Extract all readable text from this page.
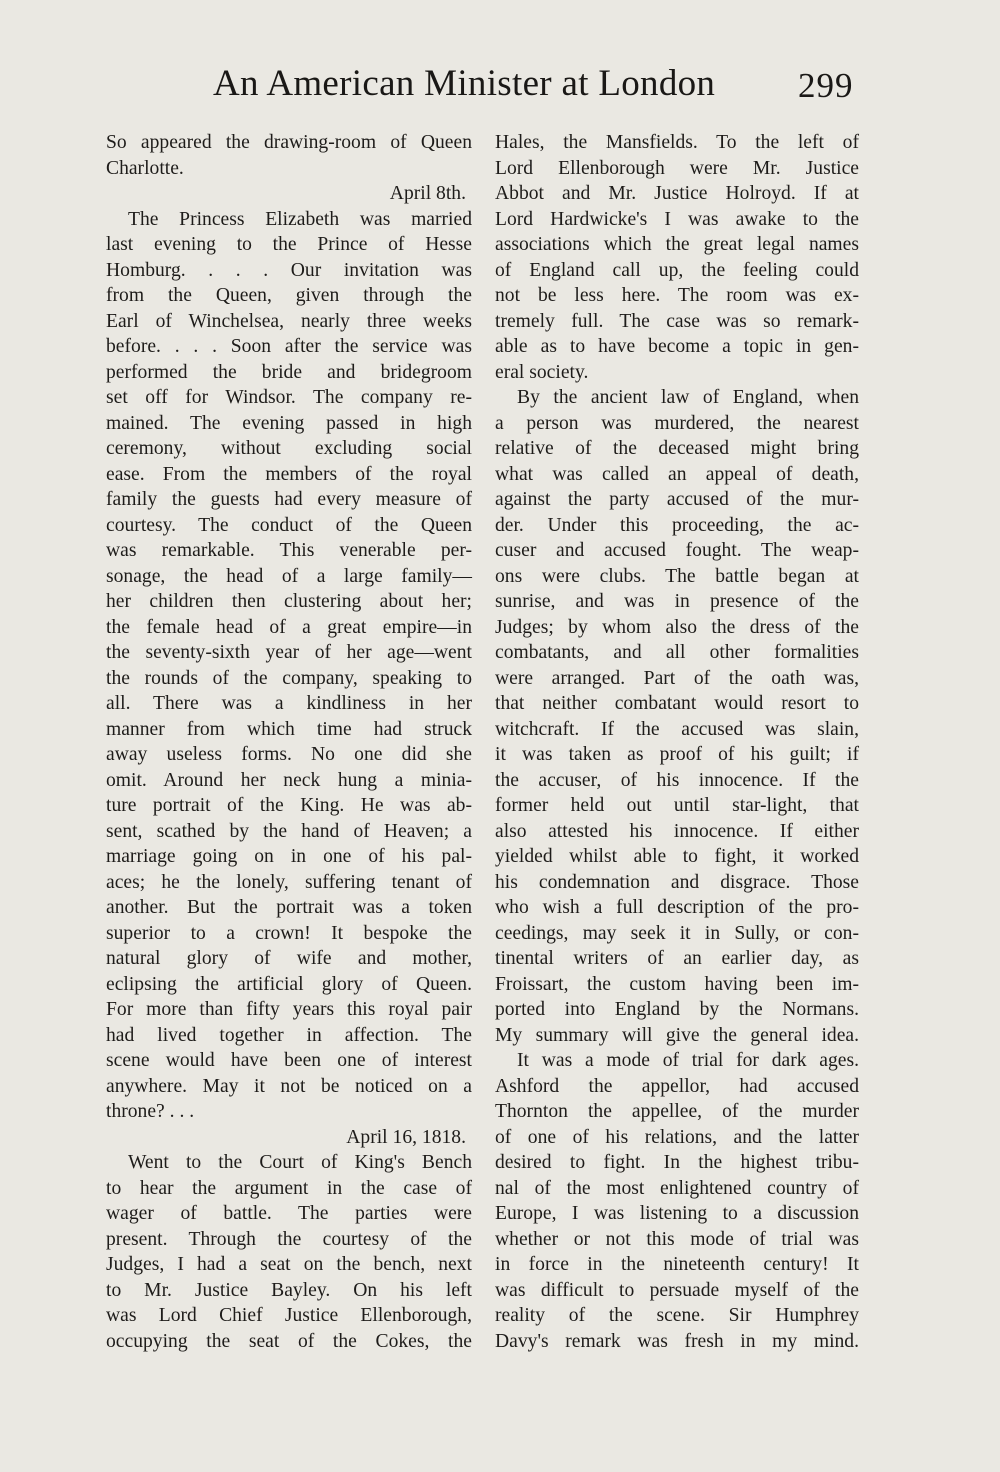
An American Minister at London 299
So appeared the drawing-room of Queen
Charlotte.
April 8th.
The Princess Elizabeth was married
last evening to the Prince of Hesse
Homburg. . . . Our invitation was
from the Queen, given through the
Earl of Winchelsea, nearly three weeks
before. . . . Soon after the service was
performed the bride and bridegroom
set off for Windsor. The company re-
mained. The evening passed in high
ceremony, without excluding social
ease. From the members of the royal
family the guests had every measure of
courtesy. The conduct of the Queen
was remarkable. This venerable per-
sonage, the head of a large family—
her children then clustering about her;
the female head of a great empire—in
the seventy-sixth year of her age—went
the rounds of the company, speaking to
all. There was a kindliness in her
manner from which time had struck
away useless forms. No one did she
omit. Around her neck hung a minia-
ture portrait of the King. He was ab-
sent, scathed by the hand of Heaven; a
marriage going on in one of his pal-
aces; he the lonely, suffering tenant of
another. But the portrait was a token
superior to a crown! It bespoke the
natural glory of wife and mother,
eclipsing the artificial glory of Queen.
For more than fifty years this royal pair
had lived together in affection. The
scene would have been one of interest
anywhere. May it not be noticed on a
throne? . . .
April 16, 1818.
Went to the Court of King's Bench
to hear the argument in the case of
wager of battle. The parties were
present. Through the courtesy of the
Judges, I had a seat on the bench, next
to Mr. Justice Bayley. On his left
was Lord Chief Justice Ellenborough,
occupying the seat of the Cokes, the
Hales, the Mansfields. To the left of
Lord Ellenborough were Mr. Justice
Abbot and Mr. Justice Holroyd. If at
Lord Hardwicke's I was awake to the
associations which the great legal names
of England call up, the feeling could
not be less here. The room was ex-
tremely full. The case was so remark-
able as to have become a topic in gen-
eral society.
By the ancient law of England, when
a person was murdered, the nearest
relative of the deceased might bring
what was called an appeal of death,
against the party accused of the mur-
der. Under this proceeding, the ac-
cuser and accused fought. The weap-
ons were clubs. The battle began at
sunrise, and was in presence of the
Judges; by whom also the dress of the
combatants, and all other formalities
were arranged. Part of the oath was,
that neither combatant would resort to
witchcraft. If the accused was slain,
it was taken as proof of his guilt; if
the accuser, of his innocence. If the
former held out until star-light, that
also attested his innocence. If either
yielded whilst able to fight, it worked
his condemnation and disgrace. Those
who wish a full description of the pro-
ceedings, may seek it in Sully, or con-
tinental writers of an earlier day, as
Froissart, the custom having been im-
ported into England by the Normans.
My summary will give the general idea.
It was a mode of trial for dark ages.
Ashford the appellor, had accused
Thornton the appellee, of the murder
of one of his relations, and the latter
desired to fight. In the highest tribu-
nal of the most enlightened country of
Europe, I was listening to a discussion
whether or not this mode of trial was
in force in the nineteenth century! It
was difficult to persuade myself of the
reality of the scene. Sir Humphrey
Davy's remark was fresh in my mind.
